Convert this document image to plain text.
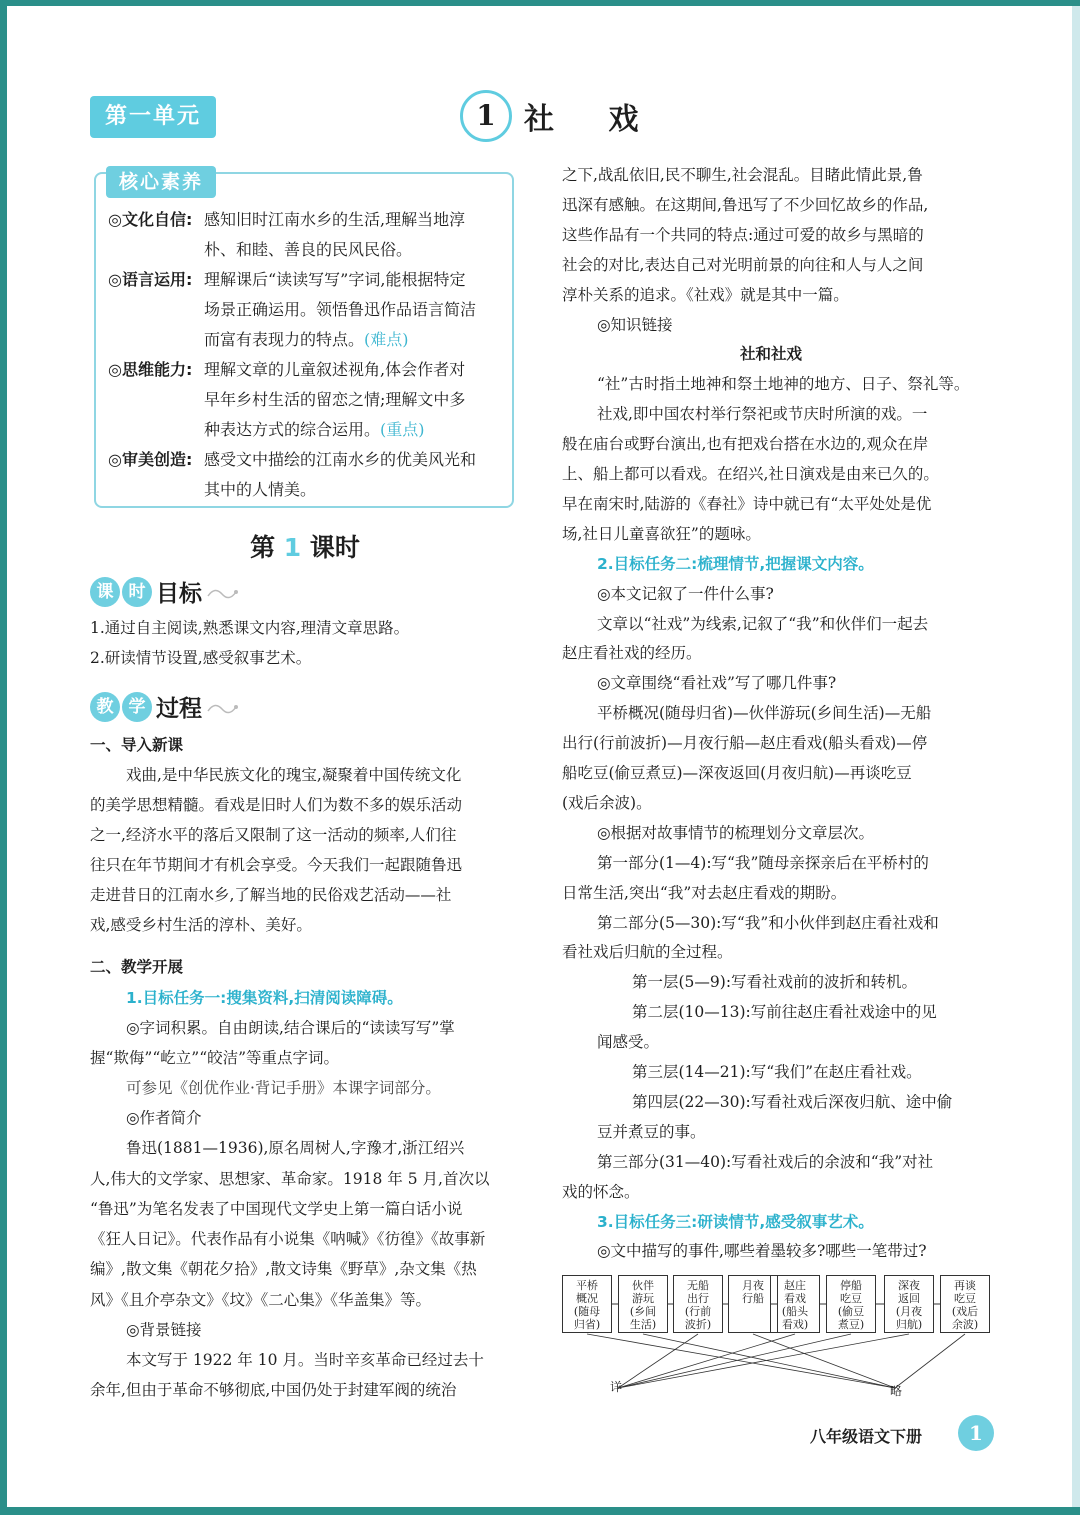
第一单元	1 社 戏
核心素养
◎文化自信: 感知旧时江南水乡的生活,理解当地淳
朴、和睦、善良的民风民俗。
◎语言运用: 理解课后“读读写写”字词,能根据特定
场景正确运用。领悟鲁迅作品语言简洁
而富有表现力的特点。(难点)
◎思维能力: 理解文章的儿童叙述视角,体会作者对
早年乡村生活的留恋之情;理解文中多
种表达方式的综合运用。(重点)
◎审美创造: 感受文中描绘的江南水乡的优美风光和
其中的人情美。
第 1 课时
课 时 目标
1.通过自主阅读,熟悉课文内容,理清文章思路。
2.研读情节设置,感受叙事艺术。
教 学 过程
一、导入新课
戏曲,是中华民族文化的瑰宝,凝聚着中国传统文化
的美学思想精髓。看戏是旧时人们为数不多的娱乐活动
之一,经济水平的落后又限制了这一活动的频率,人们往
往只在年节期间才有机会享受。今天我们一起跟随鲁迅
走进昔日的江南水乡,了解当地的民俗戏艺活动——社
戏,感受乡村生活的淳朴、美好。
二、教学开展
1.目标任务一:搜集资料,扫清阅读障碍。
◎字词积累。自由朗读,结合课后的“读读写写”掌
握“欺侮”“屹立”“皎洁”等重点字词。
可参见《创优作业·背记手册》本课字词部分。
◎作者简介
鲁迅(1881—1936),原名周树人,字豫才,浙江绍兴
人,伟大的文学家、思想家、革命家。1918 年 5 月,首次以
“鲁迅”为笔名发表了中国现代文学史上第一篇白话小说
《狂人日记》。代表作品有小说集《呐喊》《彷徨》《故事新
编》,散文集《朝花夕拾》,散文诗集《野草》,杂文集《热
风》《且介亭杂文》《坟》《二心集》《华盖集》等。
◎背景链接
本文写于 1922 年 10 月。当时辛亥革命已经过去十
余年,但由于革命不够彻底,中国仍处于封建军阀的统治
之下,战乱依旧,民不聊生,社会混乱。目睹此情此景,鲁
迅深有感触。在这期间,鲁迅写了不少回忆故乡的作品,
这些作品有一个共同的特点:通过可爱的故乡与黑暗的
社会的对比,表达自己对光明前景的向往和人与人之间
淳朴关系的追求。《社戏》就是其中一篇。
◎知识链接
社和社戏
“社”古时指土地神和祭土地神的地方、日子、祭礼等。
社戏,即中国农村举行祭祀或节庆时所演的戏。一
般在庙台或野台演出,也有把戏台搭在水边的,观众在岸
上、船上都可以看戏。在绍兴,社日演戏是由来已久的。
早在南宋时,陆游的《春社》诗中就已有“太平处处是优
场,社日儿童喜欲狂”的题咏。
2.目标任务二:梳理情节,把握课文内容。
◎本文记叙了一件什么事?
文章以“社戏”为线索,记叙了“我”和伙伴们一起去
赵庄看社戏的经历。
◎文章围绕“看社戏”写了哪几件事?
平桥概况(随母归省)—伙伴游玩(乡间生活)—无船
出行(行前波折)—月夜行船—赵庄看戏(船头看戏)—停
船吃豆(偷豆煮豆)—深夜返回(月夜归航)—再谈吃豆
(戏后余波)。
◎根据对故事情节的梳理划分文章层次。
第一部分(1—4):写“我”随母亲探亲后在平桥村的
日常生活,突出“我”对去赵庄看戏的期盼。
第二部分(5—30):写“我”和小伙伴到赵庄看社戏和
看社戏后归航的全过程。
第一层(5—9):写看社戏前的波折和转机。
第二层(10—13):写前往赵庄看社戏途中的见
闻感受。
第三层(14—21):写“我们”在赵庄看社戏。
第四层(22—30):写看社戏后深夜归航、途中偷
豆并煮豆的事。
第三部分(31—40):写看社戏后的余波和“我”对社
戏的怀念。
3.目标任务三:研读情节,感受叙事艺术。
◎文中描写的事件,哪些着墨较多?哪些一笔带过?
平桥
概况
(随母
归省)
伙伴
游玩
(乡间
生活)
无船
出行
(行前
波折)
月夜
行船
赵庄
看戏
(船头
看戏)
停船
吃豆
(偷豆
煮豆)
深夜
返回
(月夜
归航)
再谈
吃豆
(戏后
余波)
详	略
八年级语文下册	1
